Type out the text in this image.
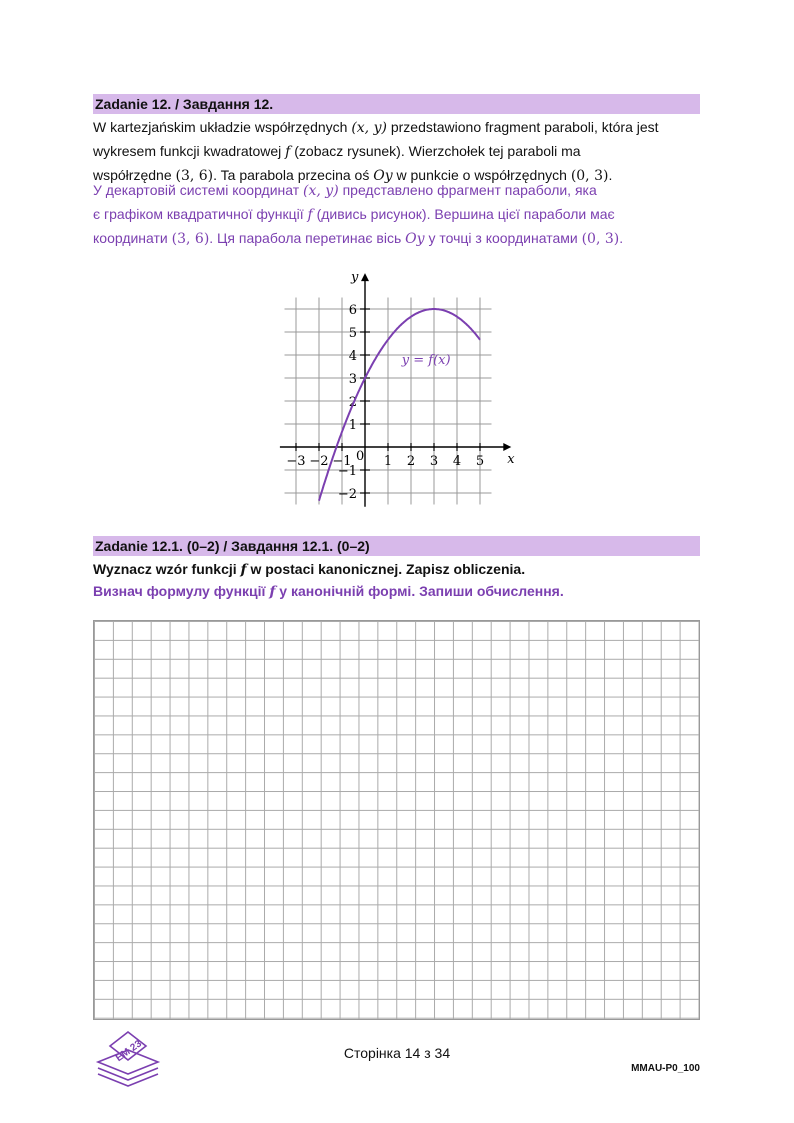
Zadanie 12. / Завдання 12.

W kartezjańskim układzie współrzędnych (x, y) przedstawiono fragment paraboli, która jest

wykresem funkcji kwadratowej f (zobacz rysunek). Wierzchołek tej paraboli ma

współrzędne (3, 6). Ta parabola przecina oś Oy w punkcie o współrzędnych (0, 3).

У декартовій системі координат (x, y) представлено фрагмент параболи, яка

є графіком квадратичної функції f (дивись рисунок). Вершина цієї параболи має

координати (3, 6). Ця парабола перетинає вісь Oy у точці з координатами (0, 3).

−3 −2 −1 1 2 3 4 5
6
5
4
3
2
1
−1
−2
x
y
0
y = f(x)
Zadanie 12.1. (0–2) / Завдання 12.1. (0–2)
Wyznacz wzór funkcji f w postaci kanonicznej. Zapisz obliczenia.
Визнач формулу функції f у канонічній формі. Запиши обчислення.
EM 23	Сторінка 14 з 34
MMAU-P0_100
